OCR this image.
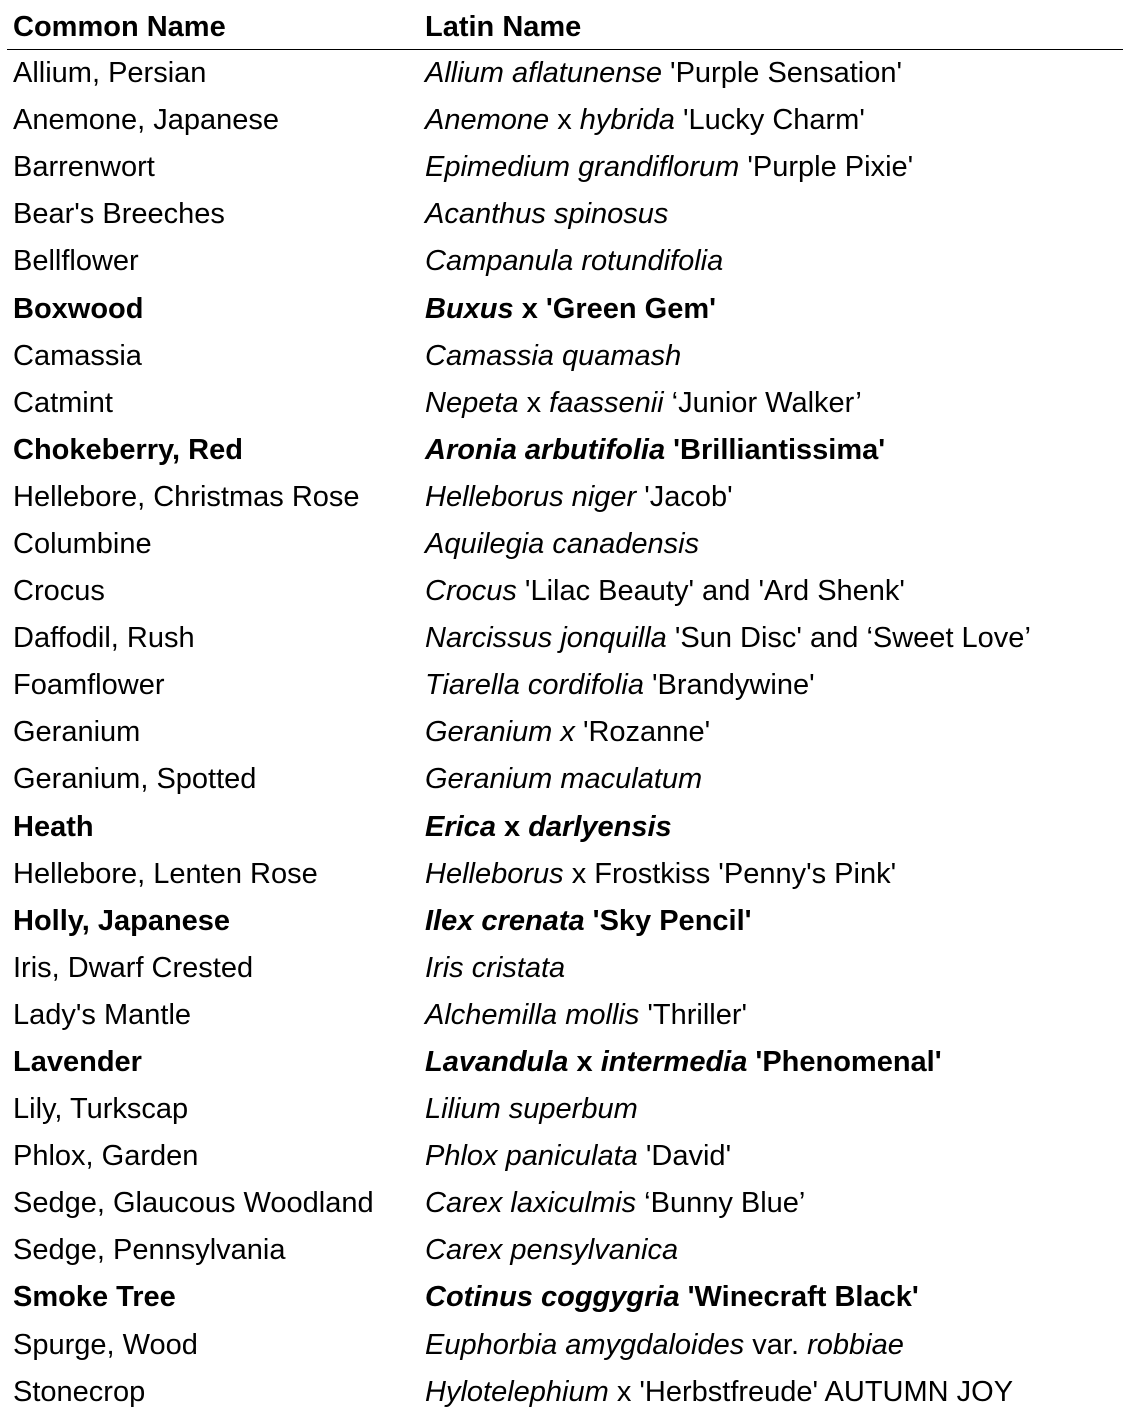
Common Name	Latin Name
Allium, Persian	Allium aflatunense 'Purple Sensation'
Anemone, Japanese	Anemone x hybrida 'Lucky Charm'
Barrenwort	Epimedium grandiflorum 'Purple Pixie'
Bear's Breeches	Acanthus spinosus
Bellflower	Campanula rotundifolia
Boxwood	Buxus x 'Green Gem'
Camassia	Camassia quamash
Catmint	Nepeta x faassenii ‘Junior Walker’
Chokeberry, Red	Aronia arbutifolia 'Brilliantissima'
Hellebore, Christmas Rose	Helleborus niger 'Jacob'
Columbine	Aquilegia canadensis
Crocus	Crocus 'Lilac Beauty' and 'Ard Shenk'
Daffodil, Rush	Narcissus jonquilla 'Sun Disc' and ‘Sweet Love’
Foamflower	Tiarella cordifolia 'Brandywine'
Geranium	Geranium x 'Rozanne'
Geranium, Spotted	Geranium maculatum
Heath	Erica x darlyensis
Hellebore, Lenten Rose	Helleborus x Frostkiss 'Penny's Pink'
Holly, Japanese	Ilex crenata 'Sky Pencil'
Iris, Dwarf Crested	Iris cristata
Lady's Mantle	Alchemilla mollis 'Thriller'
Lavender	Lavandula x intermedia 'Phenomenal'
Lily, Turkscap	Lilium superbum
Phlox, Garden	Phlox paniculata 'David'
Sedge, Glaucous Woodland	Carex laxiculmis ‘Bunny Blue’
Sedge, Pennsylvania	Carex pensylvanica
Smoke Tree	Cotinus coggygria 'Winecraft Black'
Spurge, Wood	Euphorbia amygdaloides var. robbiae
Stonecrop	Hylotelephium x 'Herbstfreude' AUTUMN JOY
